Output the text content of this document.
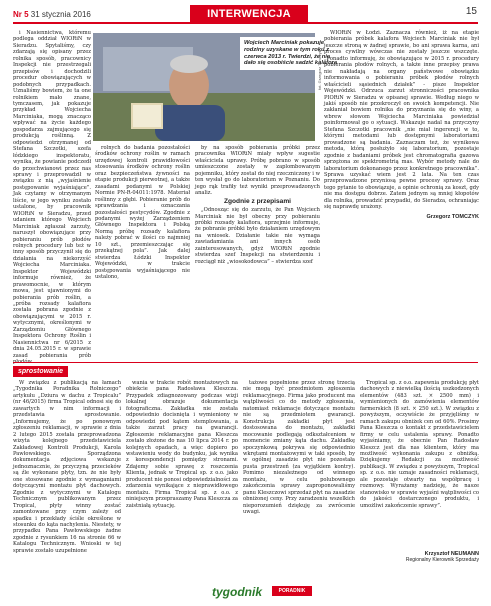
Nr 5 31 stycznia 2016	INTERWENCJA	15

i Nasiennictwa, któremu podlega oddział WIORiN w Sieradzu. Spytaliśmy, czy zdarzają się opisany przez rolnika sposób, pracownicy Inspekcji nie przestrzegali przepisów i dochodzili procedur obowiązujących w podobnych przypadkach. Uznaliśmy bowiem, że ta one rolnikiem mało znane, tymczasem, jak pokazuje przykład Wojciecha Marciniaka, mogą znacząco wpływać na życie każdego gospodarza zajmującego się produkcją roślinną. Z odpowiedzi otrzymanej od Stefana Szczotki, szefa łódzkiego inspektoratu, wynika, że powianie podczedł do przechwianowi przez nas sprawy i przeprowadził w związku z nią „wyjaśnienie postępowanie wyjaśniające”. Jak czytamy w otrzymanym liście, w jego wyniku zostało ustalone, by pracownik WIORiN w Sieradzu, przed udaniem którego Wojciech Marciniak zgłaszał zarzuty, naruszył obowiązujące przy pobieraniu prób płodów rolnych procedury lub też w inny sposób przyczynił się do działania na niekorzyść Wojciecha Marciniaka. Inspektor Wojewódzki informuje również, że prawomocnie, w którym mowa, jest ujawnionymi do pobierania prób roślin, a „próba rozsady kalafiora została pobrana zgodnie z obowiązującymi w 2015 r. wytycznymi, określonymi w Zarządzeniu Głównego Inspektora Ochrony Roślin i Nasiennictwa nr 6/2015 z dnia 24.05.2015 r. w sprawie zasad pobierania prób

Wojciech Marciniak pokazuje rodziny uzyskane w tym roku z czerwca 2013 r. Twierdzi, że nie dało się osobiście sadzić kalafora
fot. Grzegorz Tomczyk

rolnych do badania pozostałości środków ochrony roślin w ramach urzędowej kontroli prawidłowości stosowania środków ochrony roślin oraz bezpieczeństwa żywności na etapie produkcji pierwotnej, a także zasadami podanymi w Polskiej Normie PN-R-04011:1978. Materiał roślinny z głębi. Pobieranie prób do sprawdzania i oznaczania pozostałości pestycydów. Zgodnie z podanymi wyżej Zarządzeniem Głównego Inspektora i Polską Normą próbę rozsady kalafiora należy pobrać w ilości co najmniej 10 szt., przemieszczając się przekątnej pola”. Jak dalej stwierdza Łódzki Inspektor Wojewódzki, w trakcie postępowania wyjaśniającego nie ustalono,

by na sposób pobierania próbki przez pracownika WIORiN miały wpływ sugestie właściciela uprawy. Próbę pobrano w sposób umieszczone zostały w zaplombowanym pojemniku, który został do niej rzeczniczony i w ten wysłał go do laboratorium w Poznaniu. Do jego rąk trafiły też wyniki przeprowadzonych analiz.

Zgodnie z przepisami

„Odnosząc się do zarzutu, że Pan Wojciech Marciniak nie był obecny przy pobieraniu próbki rozsady kalafiora, uprzejmie informuje, że pobranie próbki było działaniem urzędowym na wniosek. Działanie takie nie wymaga zawiadamiania ani innych osób zainteresowanych, gdyż WIORiN zgodnie stwierdza szef Inspekcji na stwierdzeniu i rozciągł niż „wiosokodowca” – stwierdza szef

WIORiN w Łodzi. Zaznacza również, iż na etapie pobierania próbek kalafora Wojciech Marciniak nie był jeszcze stroną w żadnej sprawie, bo ani sprawa karna, ani proces cywilny wówczas nie zostały jeszcze wszczęte. „Ponadto informuję, że obowiązujące w 2015 r. procedury pobierania płodów rolnych, a także inne przepisy prawa nie nakładają na organy państwowe obowiązku informowania o pobieraniu próbek płodów rolnych właścicieli sąsiednich działek” - pisze Inspektor Wojewódzki. Odrzuca zarzut stronniczości pracownika PIORiN w Sieradzu w opisanej sprawie. Według niego w jakiś sposób nie przekroczył on swoich kompetencji. Nie zakłaniał bowiem rolnika do przyznania się do winy, a wbrew słowom Wojciecha Marciniaka powiedział poinformował go o sytuacji. Wskazuje nadal na przyczyny Stefana Szczotki pracownik „nie miał ingerencji w to, którymi metodami lub dostępnymi laboratoriami prowadzone są badania. Zaznaczam też, że wynikowa metoda, którą posłużyło się laboratorium, pozostaje zgodnie z badaniami próbek jest chromatografia gazowa sprzężona ze spektrometrią mas. Wybór metody nale do laboratorium dokonanego przez konkretnego pracownika”. Sprawa uzyskać wiem jest 2 lata. Na ten czas przeprowadzone przyniosą pewne procesy sprawy. Oraz tego pytanie to obowiązuje, a opinie ochronią za koszt, gdy nie ma dostępu dobrze. Zatem jednym są mniej kłopotów dla rolnika, prowadzić przypadki, do Sieradza, ochraniając się naprawdę urażony.

Grzegorz TOMCZYK
sprostowanie

W związku z publikacją na łamach „Tygodnika Poradnika Rolniczego” artykułu „Dziura w dachu z Tropicalu” (nr 46/2015) firma Tropical odnosi się do zawartych w nim informacji i przedstawia sprostowanie. „Informujemy, że po ponownym zgłoszeniu reklamacji, w sprawie z dnia 2 lutego 2015 została przeprowadzona wizyta kolejnego przedstawiciela Zakładowej Kontroli Produkcji, Karola Pawłowskiego. Sporządzona dokumentacja zdjęciowa wskazuje jednoznacznie, że przyczyną przecieków są źle wykonane płyty, tzn. że nie były one stosowane zgodnie z wymaganiami dotyczącymi montażu płyt dachowych. Zgodnie z wytycznymi w Katalogu Technicznym publikowanym przez Tropical, płyty winny zostać zamontowane przy czym zależy od spadku i przekłady ściśle określone w stosunku do kąta nachylenia. Niestety, w przypadku Pana Pawłowskiego żadne zgodnie z rysunkiem 16 na stronie 66 w Katalogu Technicznym. Wnioski w tej sprawie zostało uzupełnione

wania w trakcie robót montażowych na obiekcie pana Radosława Kleszcza. Przypadek zdiagnozowany podczas wizji lokalnej obrazuje dokumentacja fotograficzna. Zakładka nie została odpowiednio docisnięta i wymieniony w odpowiedzi pod kątem stemplowania, a także zarzut pracy na gwarancji. Zgłoszenie reklamacyjne pana Kleszcza zostało złożone do nas 10 lipca 2014 r. po kolejnych opadach, a więc dopiero po wstawieniu wody do budynku, jak wynika z korespondencji pomiędzy stronami. Zdajemy sobie sprawę z roszczenia Klienta, jednak w Tropical sp. z o.o. jako producent nie ponosi odpowiedzialności za zdarzenia wynikające z nieprawidłowego montażu. Firma Tropical sp. z o.o. z niniejszym przepraszamy Pana Kleszcza za zaistniałą sytuację.

tażowe popełnione przez stronę trzecią nie mogą być przedmiotem zgłoszenia reklamacyjnego. Firma jako producent ma wątpliwości co do metody zgłoszenia, natomiast reklamacje dotyczące montażu nie są przedmiotem gwarancji. Konstrukcja zakładki płyt jest dostosowana do montażu, zakładki mocowanie podlegają odkształceniom w momencie zmiany kąta dachu. Zakładkę spoczynkową pokrywa się odpowiednio wkrętami montażowymi w taki sposób, by w ogólnej zasadzie płyt nie pozostała pusta przestrzeń (za wyjątkiem kontry). Pomimo niezależnego od winnego montażu, w celu polubownego zakończenia sprawy zaproponowaliśmy panu Kleszczowi sprzedaż płyt na zasadzie obniżonej ceny. Przy zaradzeniu wszelkich nieporozumień dziękuję za zwrócenie uwagi.

Tropical sp. z o.o. zapewnia produkcję płyt dachowych z niewielką ilością uszkodzonych elementów (483 szt. × 2500 mm) i wymienionych do zamówienia elementów farmerskich (8 szt. × 250 szt.). W związku z powyższym, oczywiście że przyjęliśmy w ramach zakupu obniżek cen od 60%. Prosimy Pana Kleszcza o kontakt z przedstawicielem firmy w celu ustalenia sprawy. Ponadto wyjaśniamy, że obecnie Pan Radosław Kleszcz jest dla nas klientem, który ma możliwość wykonania zakupu z obniżką. Dziękujemy Redakcji za możliwość publikacji. W związku z powyższym, Tropical sp. z o.o. nie uznaje zasadności reklamacji, ale pozostaje otwarty na współpracę i rozmowy. Wyrażamy nadzieję, że nasze stanowisko w sprawie wyjaśni wątpliwości co do jakości dostarczonego produktu, i umożliwi zakończenie sprawy”.

Krzysztof NEUMANN
Regionalny Kierownik Sprzedaży
tygodnik	PORADNIK rolniczy
